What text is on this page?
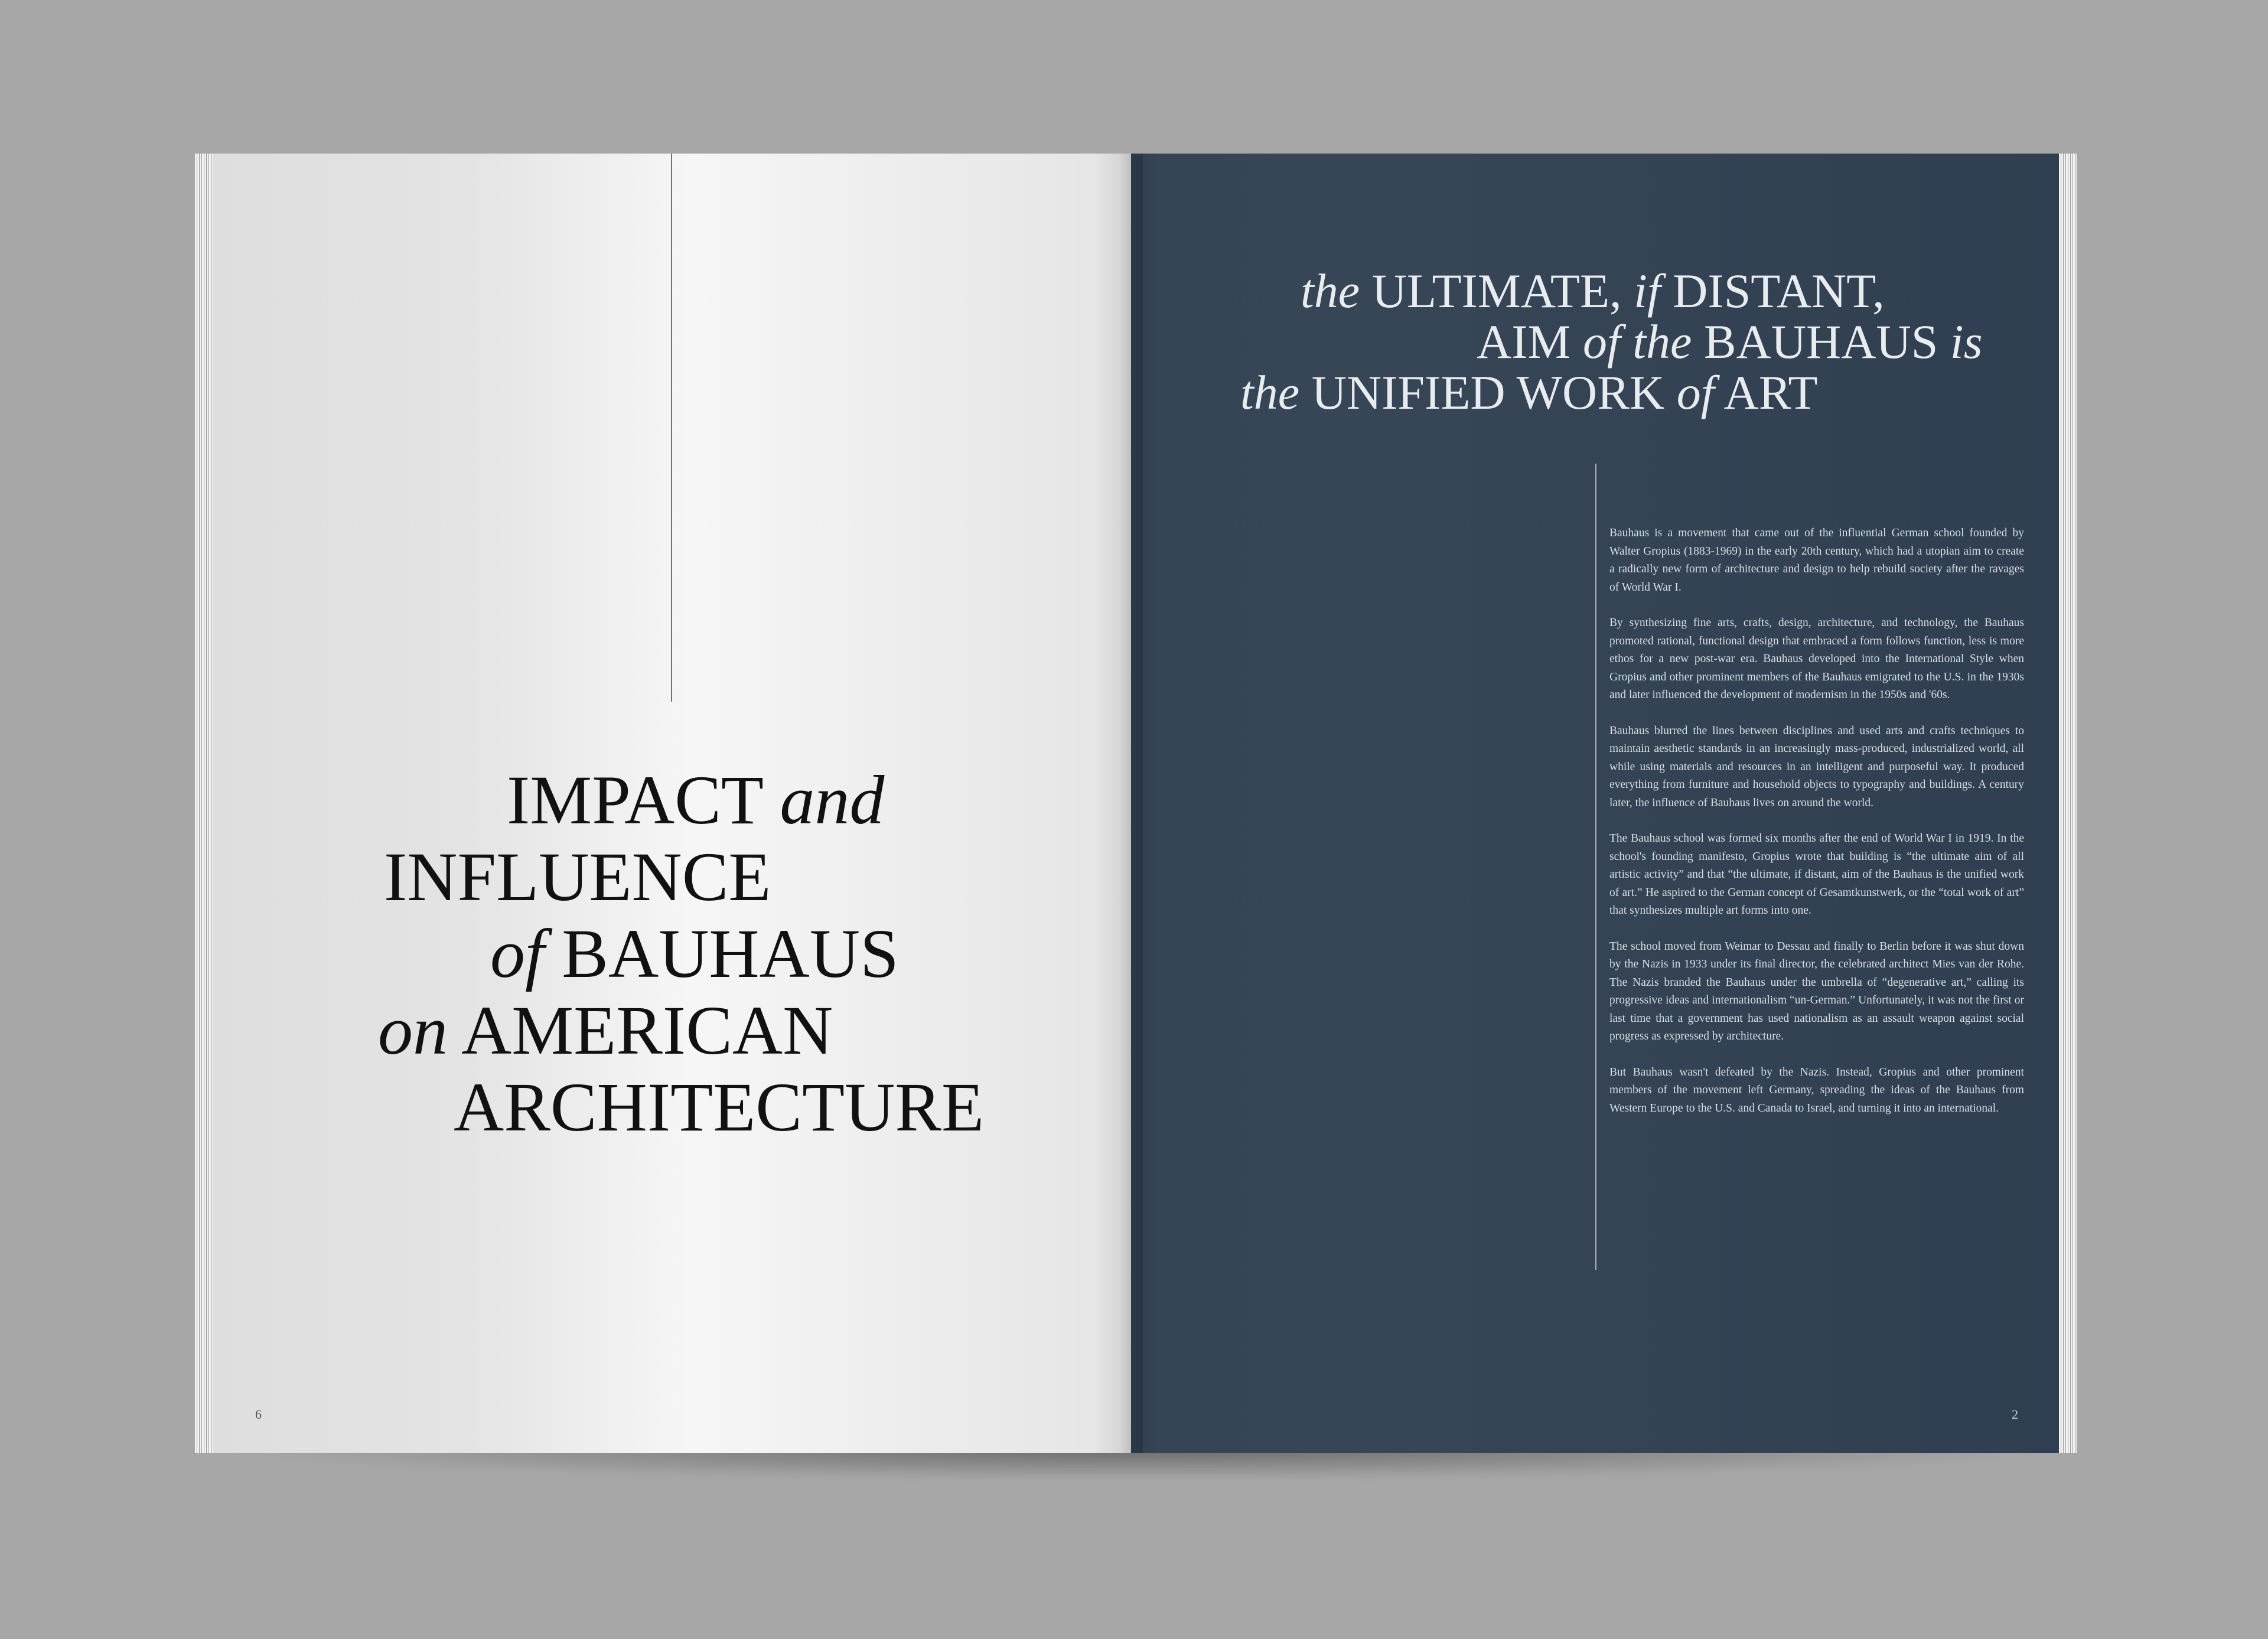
IMPACT and
INFLUENCE
of BAUHAUS
on AMERICAN
ARCHITECTURE
6
the ULTIMATE, if DISTANT,
AIM of the BAUHAUS is
the UNIFIED WORK of ART

Bauhaus is a movement that came out of the influential German school founded by Walter Gropius (1883-1969) in the early 20th century, which had a utopian aim to create a radically new form of architecture and design to help rebuild society after the ravages of World War I.

By synthesizing fine arts, crafts, design, architecture, and technology, the Bauhaus promoted rational, functional design that embraced a form follows function, less is more ethos for a new post-war era. Bauhaus developed into the International Style when Gropius and other prominent members of the Bauhaus emigrated to the U.S. in the 1930s and later influenced the development of modernism in the 1950s and '60s.

Bauhaus blurred the lines between disciplines and used arts and crafts techniques to maintain aesthetic standards in an increasingly mass-produced, industrialized world, all while using materials and resources in an intelligent and purposeful way. It produced everything from furniture and household objects to typography and buildings. A century later, the influence of Bauhaus lives on around the world.

The Bauhaus school was formed six months after the end of World War I in 1919. In the school's founding manifesto, Gropius wrote that building is “the ultimate aim of all artistic activity” and that “the ultimate, if distant, aim of the Bauhaus is the unified work of art.” He aspired to the German concept of Gesamtkunstwerk, or the “total work of art” that synthesizes multiple art forms into one.

The school moved from Weimar to Dessau and finally to Berlin before it was shut down by the Nazis in 1933 under its final director, the celebrated architect Mies van der Rohe. The Nazis branded the Bauhaus under the umbrella of “degenerative art,” calling its progressive ideas and internationalism “un-German.” Unfortunately, it was not the first or last time that a government has used nationalism as an assault weapon against social progress as expressed by architecture.

But Bauhaus wasn't defeated by the Nazis. Instead, Gropius and other prominent members of the movement left Germany, spreading the ideas of the Bauhaus from Western Europe to the U.S. and Canada to Israel, and turning it into an international.

2
